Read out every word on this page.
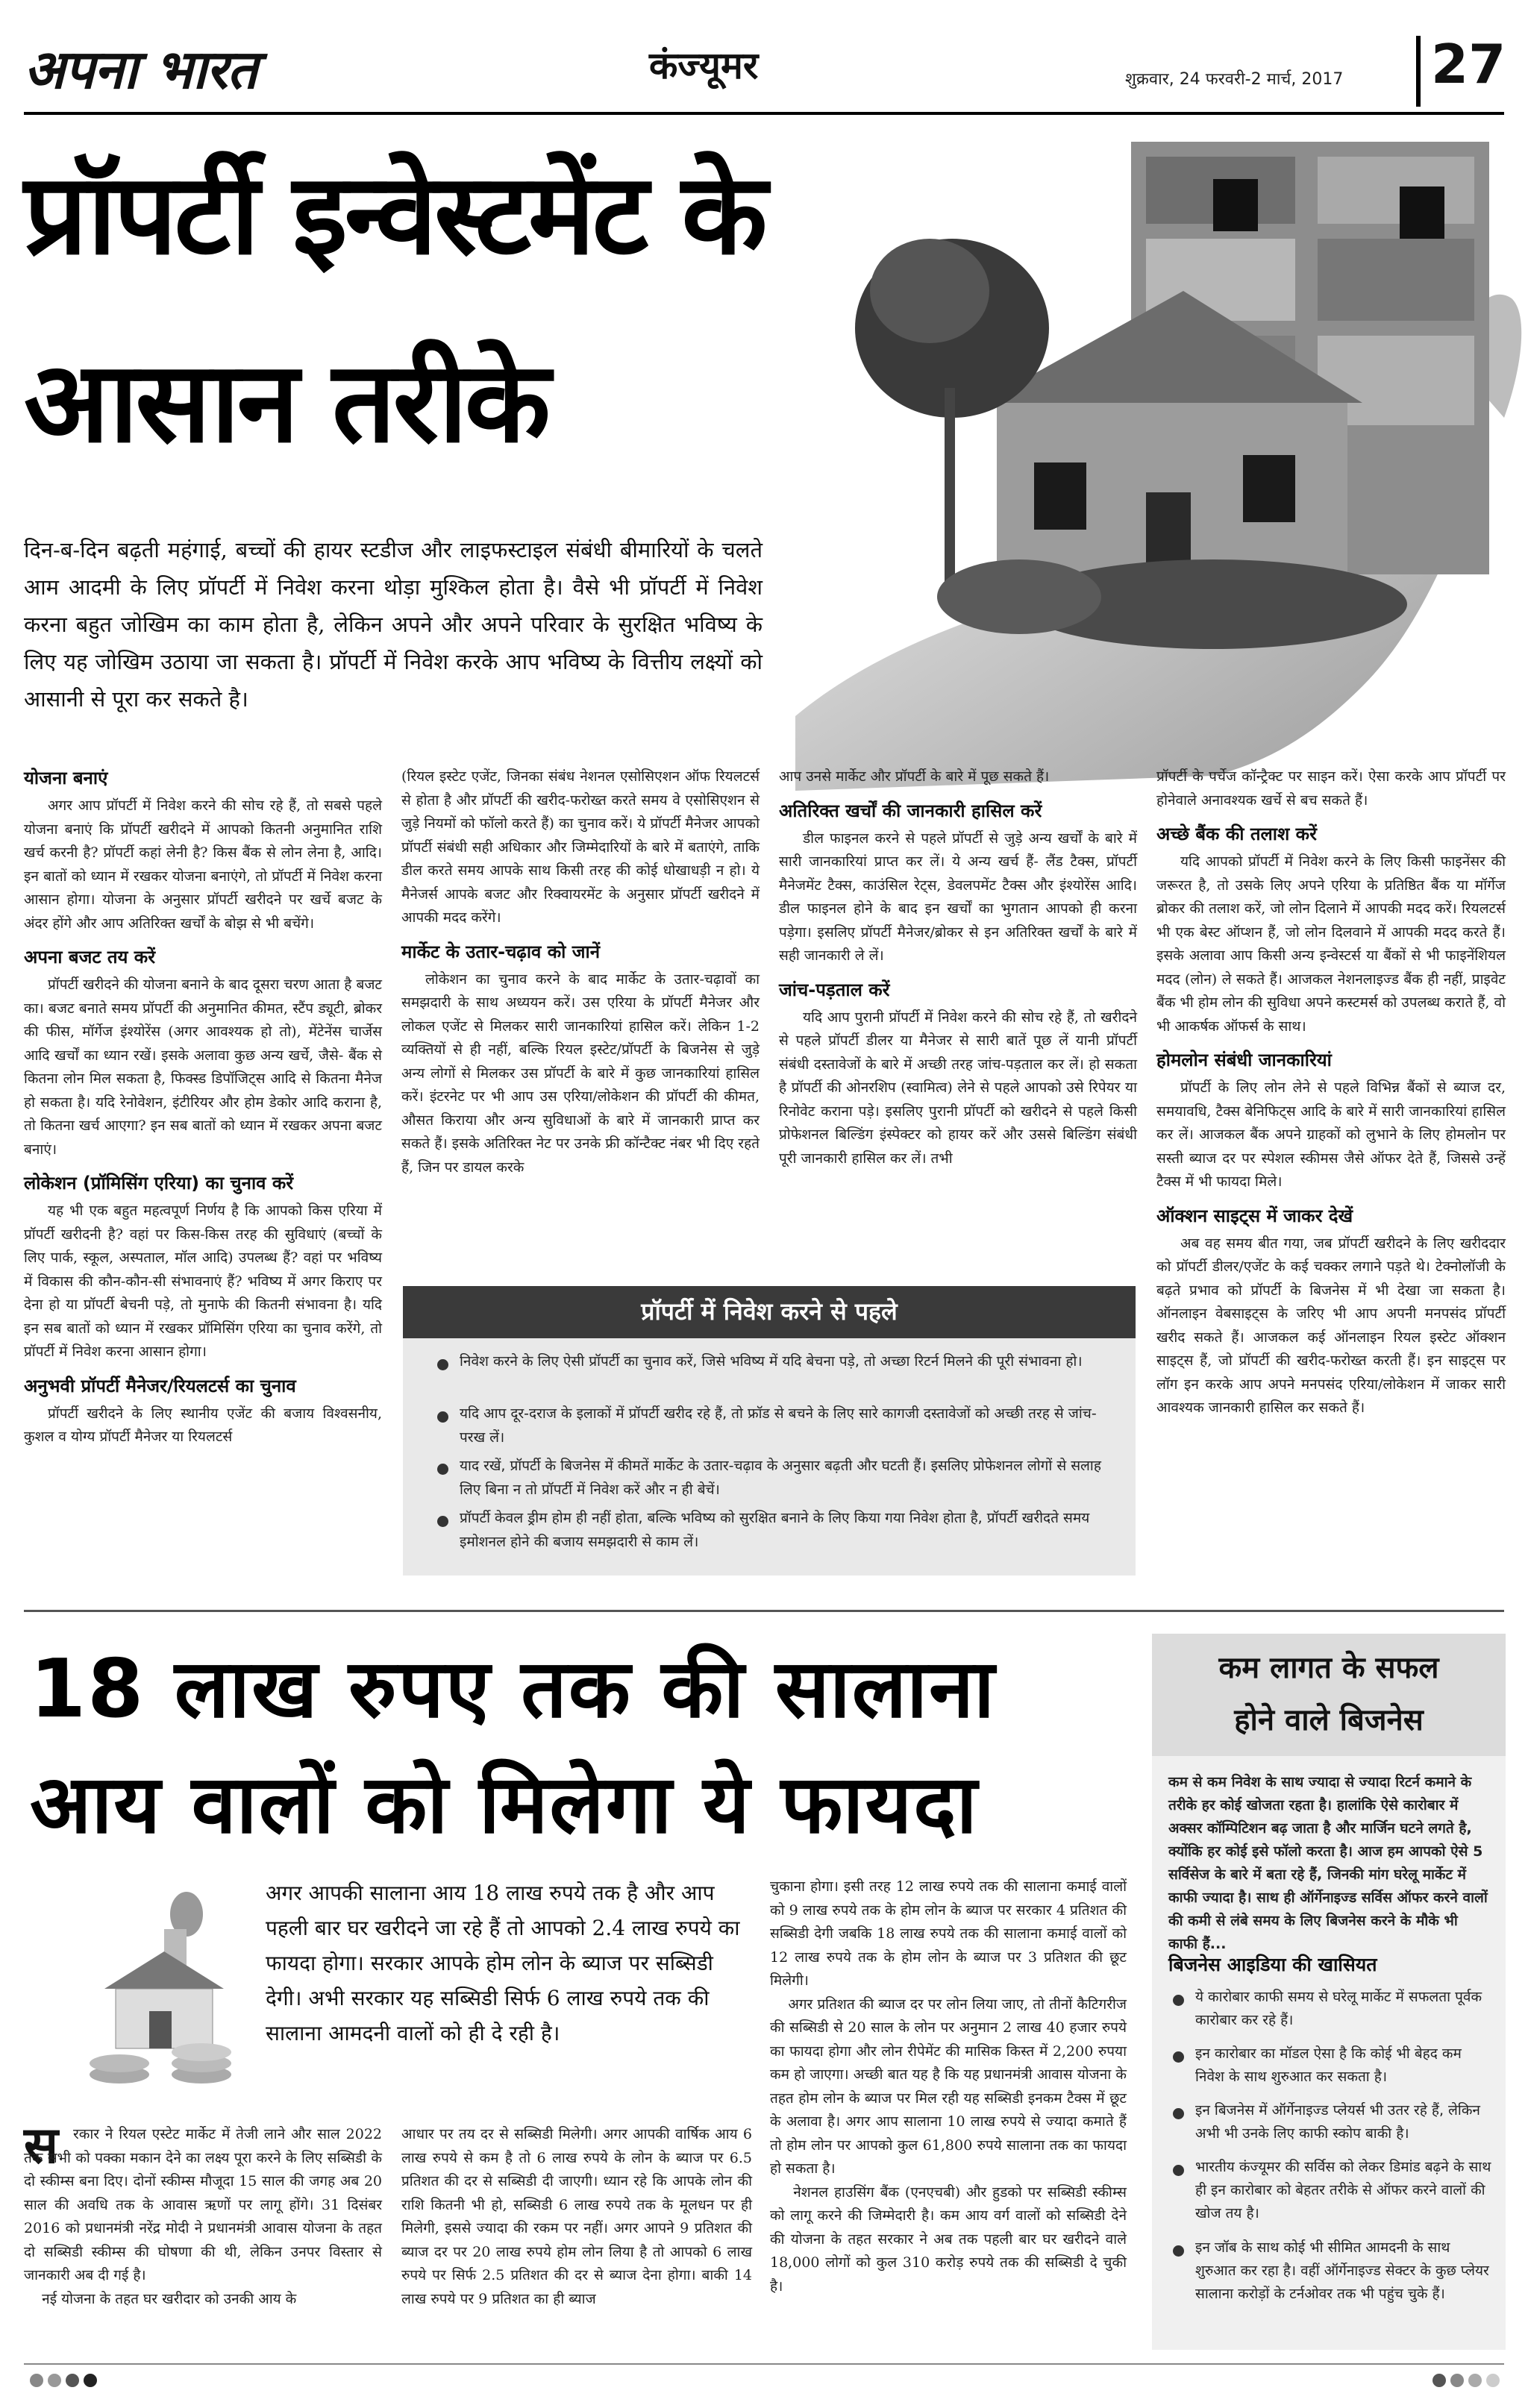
अपना भारत	कंज्यूमर	शुक्रवार, 24 फरवरी-2 मार्च, 2017 27
प्रॉपर्टी इन्वेस्टमेंट के
आसान तरीके
दिन-ब-दिन बढ़ती महंगाई, बच्चों की हायर स्टडीज और लाइफस्टाइल संबंधी बीमारियों के चलते आम आदमी के लिए प्रॉपर्टी में निवेश करना थोड़ा मुश्किल होता है। वैसे भी प्रॉपर्टी में निवेश करना बहुत जोखिम का काम होता है, लेकिन अपने और अपने परिवार के सुरक्षित भविष्य के लिए यह जोखिम उठाया जा सकता है। प्रॉपर्टी में निवेश करके आप भविष्य के वित्तीय लक्ष्यों को आसानी से पूरा कर सकते है।
योजना बनाएं
अगर आप प्रॉपर्टी में निवेश करने की सोच रहे हैं, तो सबसे पहले योजना बनाएं कि प्रॉपर्टी खरीदने में आपको कितनी अनुमानित राशि खर्च करनी है? प्रॉपर्टी कहां लेनी है? किस बैंक से लोन लेना है, आदि। इन बातों को ध्यान में रखकर योजना बनाएंगे, तो प्रॉपर्टी में निवेश करना आसान होगा। योजना के अनुसार प्रॉपर्टी खरीदने पर खर्चे बजट के अंदर होंगे और आप अतिरिक्त खर्चों के बोझ से भी बचेंगे।
अपना बजट तय करें
प्रॉपर्टी खरीदने की योजना बनाने के बाद दूसरा चरण आता है बजट का। बजट बनाते समय प्रॉपर्टी की अनुमानित कीमत, स्टैंप ड्यूटी, ब्रोकर की फीस, मॉर्गेज इंश्योरेंस (अगर आवश्यक हो तो), मेंटेनेंस चार्जेस आदि खर्चों का ध्यान रखें। इसके अलावा कुछ अन्य खर्चे, जैसे- बैंक से कितना लोन मिल सकता है, फिक्स्ड डिपॉजिट्स आदि से कितना मैनेज हो सकता है। यदि रेनोवेशन, इंटीरियर और होम डेकोर आदि कराना है, तो कितना खर्च आएगा? इन सब बातों को ध्यान में रखकर अपना बजट बनाएं।
लोकेशन (प्रॉमिसिंग एरिया) का चुनाव करें
यह भी एक बहुत महत्वपूर्ण निर्णय है कि आपको किस एरिया में प्रॉपर्टी खरीदनी है? वहां पर किस-किस तरह की सुविधाएं (बच्चों के लिए पार्क, स्कूल, अस्पताल, मॉल आदि) उपलब्ध हैं? वहां पर भविष्य में विकास की कौन-कौन-सी संभावनाएं हैं? भविष्य में अगर किराए पर देना हो या प्रॉपर्टी बेचनी पड़े, तो मुनाफे की कितनी संभावना है। यदि इन सब बातों को ध्यान में रखकर प्रॉमिसिंग एरिया का चुनाव करेंगे, तो प्रॉपर्टी में निवेश करना आसान होगा।
अनुभवी प्रॉपर्टी मैनेजर/रियलटर्स का चुनाव
प्रॉपर्टी खरीदने के लिए स्थानीय एजेंट की बजाय विश्वसनीय, कुशल व योग्य प्रॉपर्टी मैनेजर या रियलटर्स
(रियल इस्टेट एजेंट, जिनका संबंध नेशनल एसोसिएशन ऑफ रियलटर्स से होता है और प्रॉपर्टी की खरीद-फरोख्त करते समय वे एसोसिएशन से जुड़े नियमों को फॉलो करते हैं) का चुनाव करें। ये प्रॉपर्टी मैनेजर आपको प्रॉपर्टी संबंधी सही अधिकार और जिम्मेदारियों के बारे में बताएंगे, ताकि डील करते समय आपके साथ किसी तरह की कोई धोखाधड़ी न हो। ये मैनेजर्स आपके बजट और रिक्वायरमेंट के अनुसार प्रॉपर्टी खरीदने में आपकी मदद करेंगे।
मार्केट के उतार-चढ़ाव को जानें
लोकेशन का चुनाव करने के बाद मार्केट के उतार-चढ़ावों का समझदारी के साथ अध्ययन करें। उस एरिया के प्रॉपर्टी मैनेजर और लोकल एजेंट से मिलकर सारी जानकारियां हासिल करें। लेकिन 1-2 व्यक्तियों से ही नहीं, बल्कि रियल इस्टेट/प्रॉपर्टी के बिजनेस से जुड़े अन्य लोगों से मिलकर उस प्रॉपर्टी के बारे में कुछ जानकारियां हासिल करें। इंटरनेट पर भी आप उस एरिया/लोकेशन की प्रॉपर्टी की कीमत, औसत किराया और अन्य सुविधाओं के बारे में जानकारी प्राप्त कर सकते हैं। इसके अतिरिक्त नेट पर उनके फ्री कॉन्टैक्ट नंबर भी दिए रहते हैं, जिन पर डायल करके
आप उनसे मार्केट और प्रॉपर्टी के बारे में पूछ सकते हैं।
अतिरिक्त खर्चों की जानकारी हासिल करें
डील फाइनल करने से पहले प्रॉपर्टी से जुड़े अन्य खर्चों के बारे में सारी जानकारियां प्राप्त कर लें। ये अन्य खर्च हैं- लैंड टैक्स, प्रॉपर्टी मैनेजमेंट टैक्स, काउंसिल रेट्स, डेवलपमेंट टैक्स और इंश्योरेंस आदि। डील फाइनल होने के बाद इन खर्चों का भुगतान आपको ही करना पड़ेगा। इसलिए प्रॉपर्टी मैनेजर/ब्रोकर से इन अतिरिक्त खर्चों के बारे में सही जानकारी ले लें।
जांच-पड़ताल करें
यदि आप पुरानी प्रॉपर्टी में निवेश करने की सोच रहे हैं, तो खरीदने से पहले प्रॉपर्टी डीलर या मैनेजर से सारी बातें पूछ लें यानी प्रॉपर्टी संबंधी दस्तावेजों के बारे में अच्छी तरह जांच-पड़ताल कर लें। हो सकता है प्रॉपर्टी की ओनरशिप (स्वामित्व) लेने से पहले आपको उसे रिपेयर या रिनोवेट कराना पड़े। इसलिए पुरानी प्रॉपर्टी को खरीदने से पहले किसी प्रोफेशनल बिल्डिंग इंस्पेक्टर को हायर करें और उससे बिल्डिंग संबंधी पूरी जानकारी हासिल कर लें। तभी
प्रॉपर्टी के पर्चेज कॉन्ट्रैक्ट पर साइन करें। ऐसा करके आप प्रॉपर्टी पर होनेवाले अनावश्यक खर्चे से बच सकते हैं।
अच्छे बैंक की तलाश करें
यदि आपको प्रॉपर्टी में निवेश करने के लिए किसी फाइनेंसर की जरूरत है, तो उसके लिए अपने एरिया के प्रतिष्ठित बैंक या मॉर्गेज ब्रोकर की तलाश करें, जो लोन दिलाने में आपकी मदद करें। रियलटर्स भी एक बेस्ट ऑप्शन हैं, जो लोन दिलवाने में आपकी मदद करते हैं। इसके अलावा आप किसी अन्य इन्वेस्टर्स या बैंकों से भी फाइनेंशियल मदद (लोन) ले सकते हैं। आजकल नेशनलाइज्ड बैंक ही नहीं, प्राइवेट बैंक भी होम लोन की सुविधा अपने कस्टमर्स को उपलब्ध कराते हैं, वो भी आकर्षक ऑफर्स के साथ।
होमलोन संबंधी जानकारियां
प्रॉपर्टी के लिए लोन लेने से पहले विभिन्न बैंकों से ब्याज दर, समयावधि, टैक्स बेनिफिट्स आदि के बारे में सारी जानकारियां हासिल कर लें। आजकल बैंक अपने ग्राहकों को लुभाने के लिए होमलोन पर सस्ती ब्याज दर पर स्पेशल स्कीमस जैसे ऑफर देते हैं, जिससे उन्हें टैक्स में भी फायदा मिले।
ऑक्शन साइट्स में जाकर देखें
अब वह समय बीत गया, जब प्रॉपर्टी खरीदने के लिए खरीददार को प्रॉपर्टी डीलर/एजेंट के कई चक्कर लगाने पड़ते थे। टेक्नोलॉजी के बढ़ते प्रभाव को प्रॉपर्टी के बिजनेस में भी देखा जा सकता है। ऑनलाइन वेबसाइट्स के जरिए भी आप अपनी मनपसंद प्रॉपर्टी खरीद सकते हैं। आजकल कई ऑनलाइन रियल इस्टेट ऑक्शन साइट्स हैं, जो प्रॉपर्टी की खरीद-फरोख्त करती हैं। इन साइट्स पर लॉग इन करके आप अपने मनपसंद एरिया/लोकेशन में जाकर सारी आवश्यक जानकारी हासिल कर सकते हैं।
प्रॉपर्टी में निवेश करने से पहले
निवेश करने के लिए ऐसी प्रॉपर्टी का चुनाव करें, जिसे भविष्य में यदि बेचना पड़े, तो अच्छा रिटर्न मिलने की पूरी संभावना हो।
यदि आप दूर-दराज के इलाकों में प्रॉपर्टी खरीद रहे हैं, तो फ्रॉड से बचने के लिए सारे कागजी दस्तावेजों को अच्छी तरह से जांच-परख लें।
याद रखें, प्रॉपर्टी के बिजनेस में कीमतें मार्केट के उतार-चढ़ाव के अनुसार बढ़ती और घटती हैं। इसलिए प्रोफेशनल लोगों से सलाह लिए बिना न तो प्रॉपर्टी में निवेश करें और न ही बेचें।
प्रॉपर्टी केवल ड्रीम होम ही नहीं होता, बल्कि भविष्य को सुरक्षित बनाने के लिए किया गया निवेश होता है, प्रॉपर्टी खरीदते समय इमोशनल होने की बजाय समझदारी से काम लें।
18 लाख रुपए तक की सालाना
आय वालों को मिलेगा ये फायदा
अगर आपकी सालाना आय 18 लाख रुपये तक है और आप पहली बार घर खरीदने जा रहे हैं तो आपको 2.4 लाख रुपये का फायदा होगा। सरकार आपके होम लोन के ब्याज पर सब्सिडी देगी। अभी सरकार यह सब्सिडी सिर्फ 6 लाख रुपये तक की सालाना आमदनी वालों को ही दे रही है।
स	रकार ने रियल एस्टेट मार्केट में तेजी लाने और साल 2022 तक सभी को पक्का मकान देने का लक्ष्य पूरा करने के लिए सब्सिडी के दो स्कीम्स बना दिए। दोनों स्कीम्स मौजूदा 15 साल की जगह अब 20 साल की अवधि तक के आवास ऋणों पर लागू होंगे। 31 दिसंबर 2016 को प्रधानमंत्री नरेंद्र मोदी ने प्रधानमंत्री आवास योजना के तहत दो सब्सिडी स्कीम्स की घोषणा की थी, लेकिन उनपर विस्तार से जानकारी अब दी गई है।
नई योजना के तहत घर खरीदार को उनकी आय के
आधार पर तय दर से सब्सिडी मिलेगी। अगर आपकी वार्षिक आय 6 लाख रुपये से कम है तो 6 लाख रुपये के लोन के ब्याज पर 6.5 प्रतिशत की दर से सब्सिडी दी जाएगी। ध्यान रहे कि आपके लोन की राशि कितनी भी हो, सब्सिडी 6 लाख रुपये तक के मूलधन पर ही मिलेगी, इससे ज्यादा की रकम पर नहीं। अगर आपने 9 प्रतिशत की ब्याज दर पर 20 लाख रुपये होम लोन लिया है तो आपको 6 लाख रुपये पर सिर्फ 2.5 प्रतिशत की दर से ब्याज देना होगा। बाकी 14 लाख रुपये पर 9 प्रतिशत का ही ब्याज
चुकाना होगा। इसी तरह 12 लाख रुपये तक की सालाना कमाई वालों को 9 लाख रुपये तक के होम लोन के ब्याज पर सरकार 4 प्रतिशत की सब्सिडी देगी जबकि 18 लाख रुपये तक की सालाना कमाई वालों को 12 लाख रुपये तक के होम लोन के ब्याज पर 3 प्रतिशत की छूट मिलेगी।
अगर प्रतिशत की ब्याज दर पर लोन लिया जाए, तो तीनों कैटिगरीज की सब्सिडी से 20 साल के लोन पर अनुमान 2 लाख 40 हजार रुपये का फायदा होगा और लोन रीपेमेंट की मासिक किस्त में 2,200 रुपया कम हो जाएगा। अच्छी बात यह है कि यह प्रधानमंत्री आवास योजना के तहत होम लोन के ब्याज पर मिल रही यह सब्सिडी इनकम टैक्स में छूट के अलावा है। अगर आप सालाना 10 लाख रुपये से ज्यादा कमाते हैं तो होम लोन पर आपको कुल 61,800 रुपये सालाना तक का फायदा हो सकता है।
नेशनल हाउसिंग बैंक (एनएचबी) और हुडको पर सब्सिडी स्कीम्स को लागू करने की जिम्मेदारी है। कम आय वर्ग वालों को सब्सिडी देने की योजना के तहत सरकार ने अब तक पहली बार घर खरीदने वाले 18,000 लोगों को कुल 310 करोड़ रुपये तक की सब्सिडी दे चुकी है।
कम लागत के सफल
होने वाले बिजनेस
कम से कम निवेश के साथ ज्यादा से ज्यादा रिटर्न कमाने के तरीके हर कोई खोजता रहता है। हालांकि ऐसे कारोबार में अक्सर कॉम्पिटिशन बढ़ जाता है और मार्जिन घटने लगते है, क्योंकि हर कोई इसे फॉलो करता है। आज हम आपको ऐसे 5 सर्विसेज के बारे में बता रहे हैं, जिनकी मांग घरेलू मार्केट में काफी ज्यादा है। साथ ही ऑर्गेनाइज्ड सर्विस ऑफर करने वालों की कमी से लंबे समय के लिए बिजनेस करने के मौके भी काफी हैं...
बिजनेस आइडिया की खासियत
ये कारोबार काफी समय से घरेलू मार्केट में सफलता पूर्वक कारोबार कर रहे हैं।
इन कारोबार का मॉडल ऐसा है कि कोई भी बेहद कम निवेश के साथ शुरुआत कर सकता है।
इन बिजनेस में ऑर्गेनाइज्ड प्लेयर्स भी उतर रहे हैं, लेकिन अभी भी उनके लिए काफी स्कोप बाकी है।
भारतीय कंज्यूमर की सर्विस को लेकर डिमांड बढ़ने के साथ ही इन कारोबार को बेहतर तरीके से ऑफर करने वालों की खोज तय है।
इन जॉब के साथ कोई भी सीमित आमदनी के साथ शुरुआत कर रहा है। वहीं ऑर्गेनाइज्ड सेक्टर के कुछ प्लेयर सालाना करोड़ों के टर्नओवर तक भी पहुंच चुके हैं।
